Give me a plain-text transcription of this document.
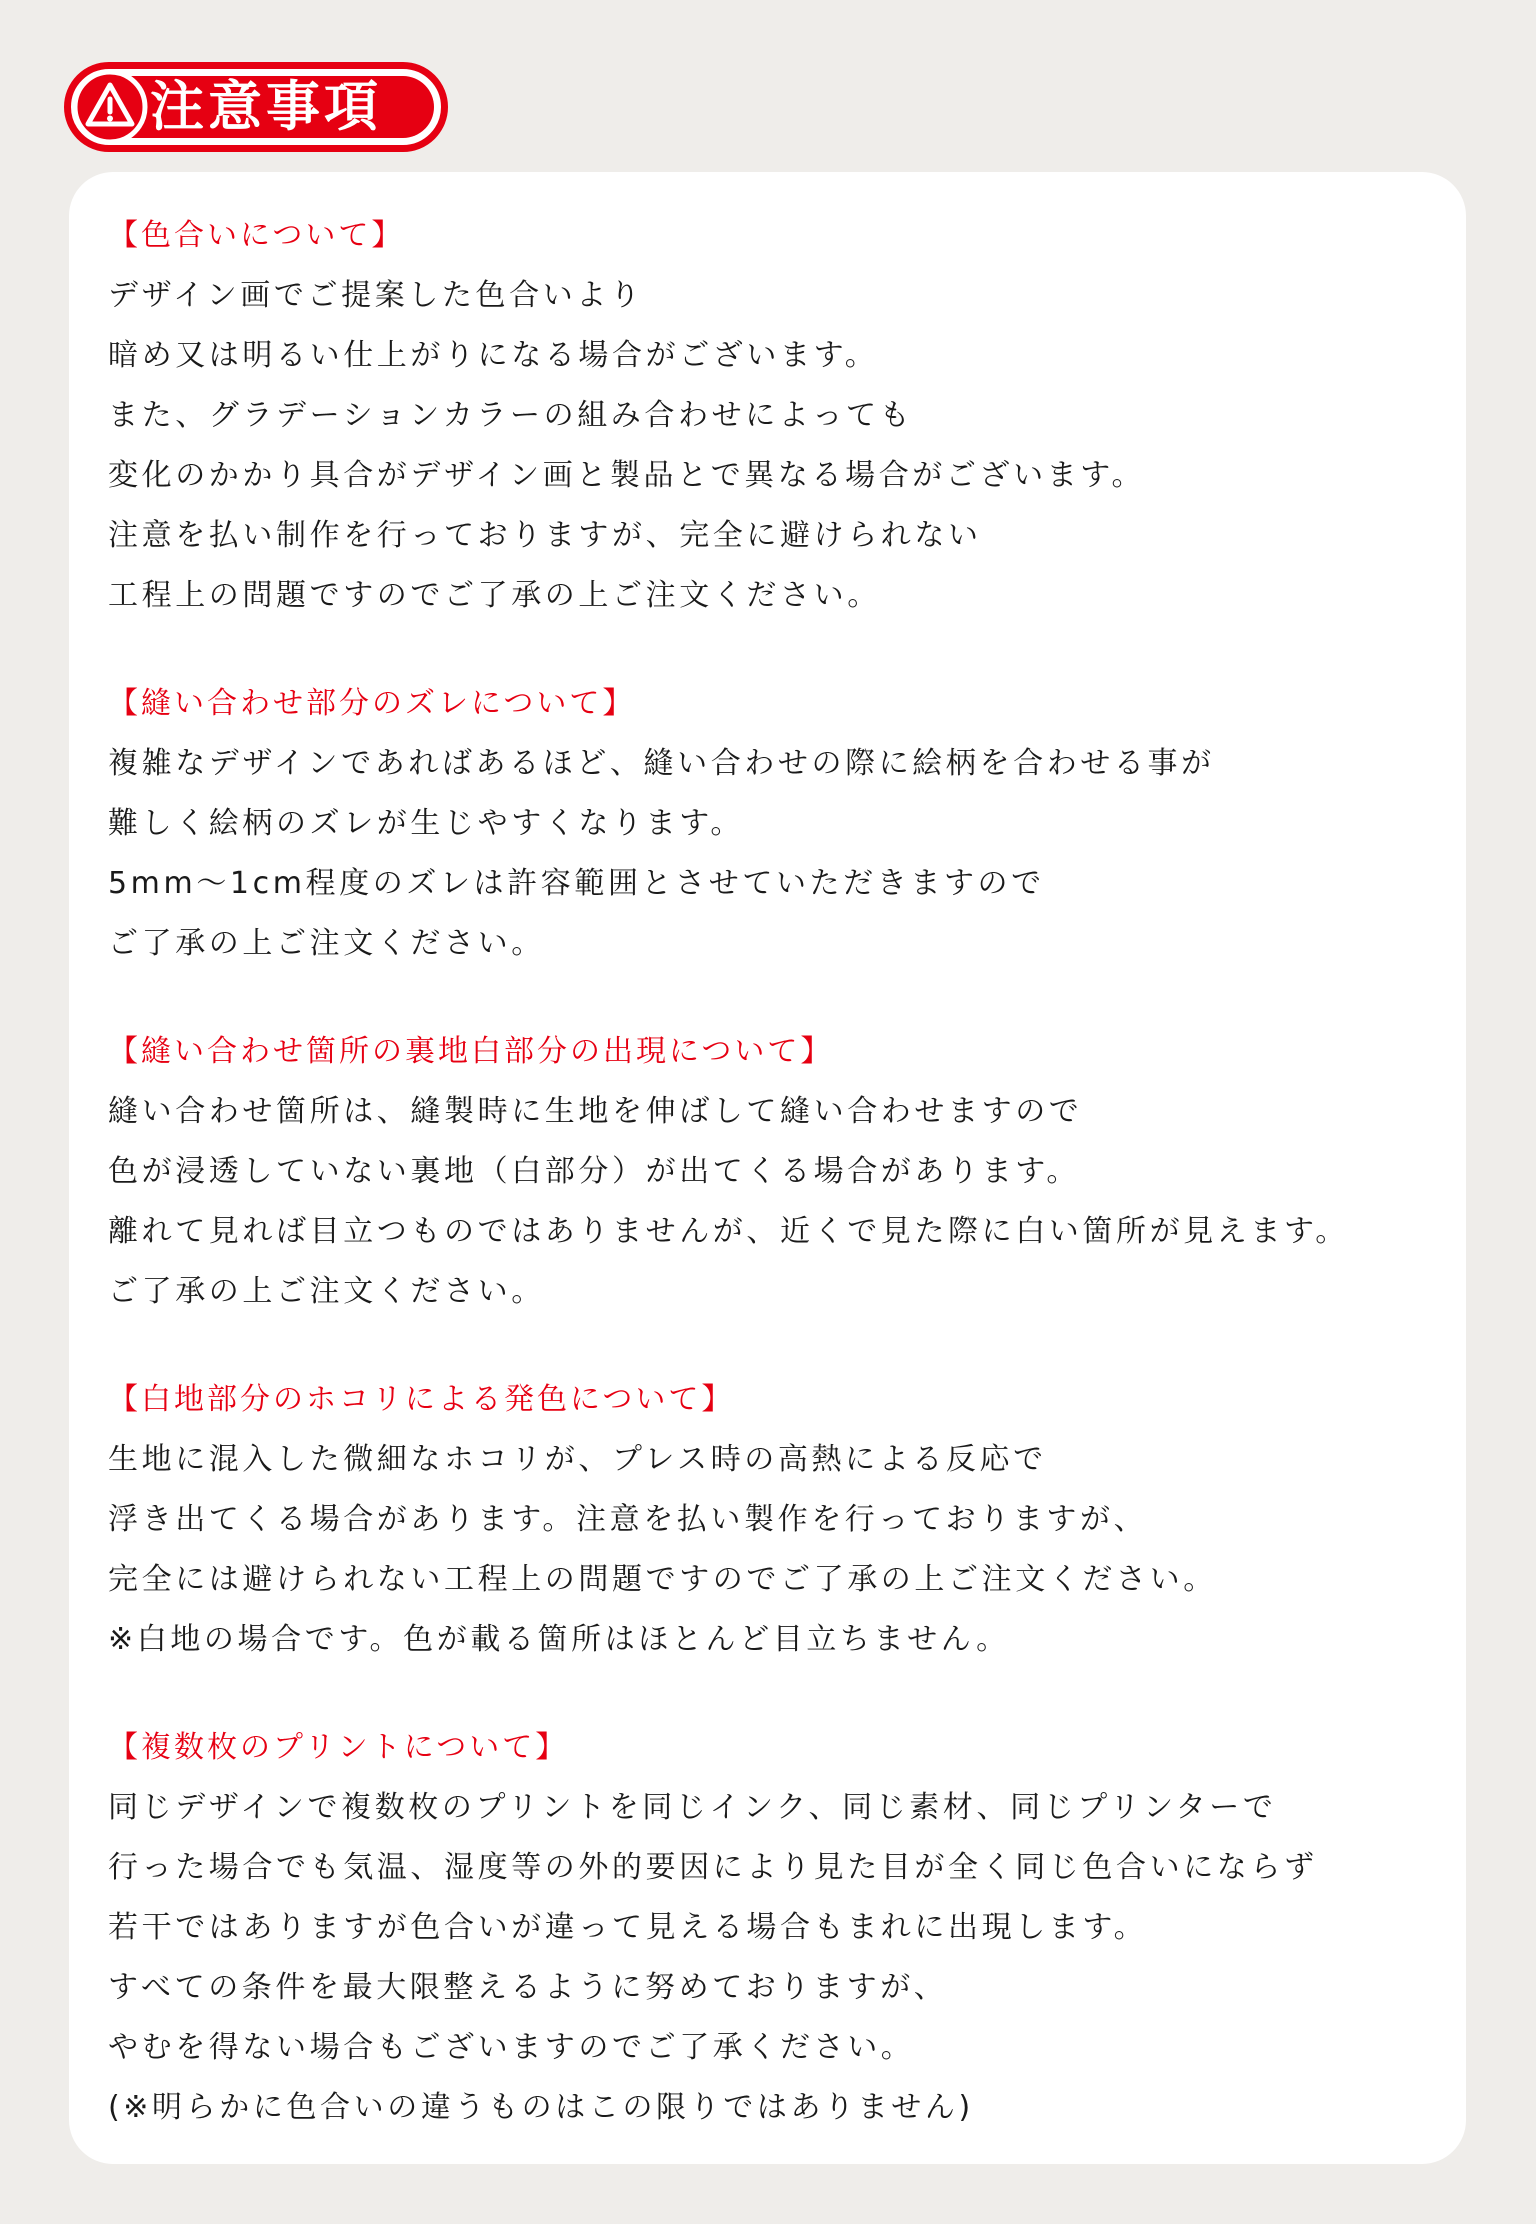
注意事項
【色合いについて】
デザイン画でご提案した色合いより
暗め又は明るい仕上がりになる場合がございます。
また、グラデーションカラーの組み合わせによっても
変化のかかり具合がデザイン画と製品とで異なる場合がございます。
注意を払い制作を行っておりますが、完全に避けられない
工程上の問題ですのでご了承の上ご注文ください。
【縫い合わせ部分のズレについて】
複雑なデザインであればあるほど、縫い合わせの際に絵柄を合わせる事が
難しく絵柄のズレが生じやすくなります。
5mm〜1cm程度のズレは許容範囲とさせていただきますので
ご了承の上ご注文ください。
【縫い合わせ箇所の裏地白部分の出現について】
縫い合わせ箇所は、縫製時に生地を伸ばして縫い合わせますので
色が浸透していない裏地（白部分）が出てくる場合があります。
離れて見れば目立つものではありませんが、近くで見た際に白い箇所が見えます。
ご了承の上ご注文ください。
【白地部分のホコリによる発色について】
生地に混入した微細なホコリが、プレス時の高熱による反応で
浮き出てくる場合があります。注意を払い製作を行っておりますが、
完全には避けられない工程上の問題ですのでご了承の上ご注文ください。
※白地の場合です。色が載る箇所はほとんど目立ちません。
【複数枚のプリントについて】
同じデザインで複数枚のプリントを同じインク、同じ素材、同じプリンターで
行った場合でも気温、湿度等の外的要因により見た目が全く同じ色合いにならず
若干ではありますが色合いが違って見える場合もまれに出現します。
すべての条件を最大限整えるように努めておりますが、
やむを得ない場合もございますのでご了承ください。
(※明らかに色合いの違うものはこの限りではありません)
